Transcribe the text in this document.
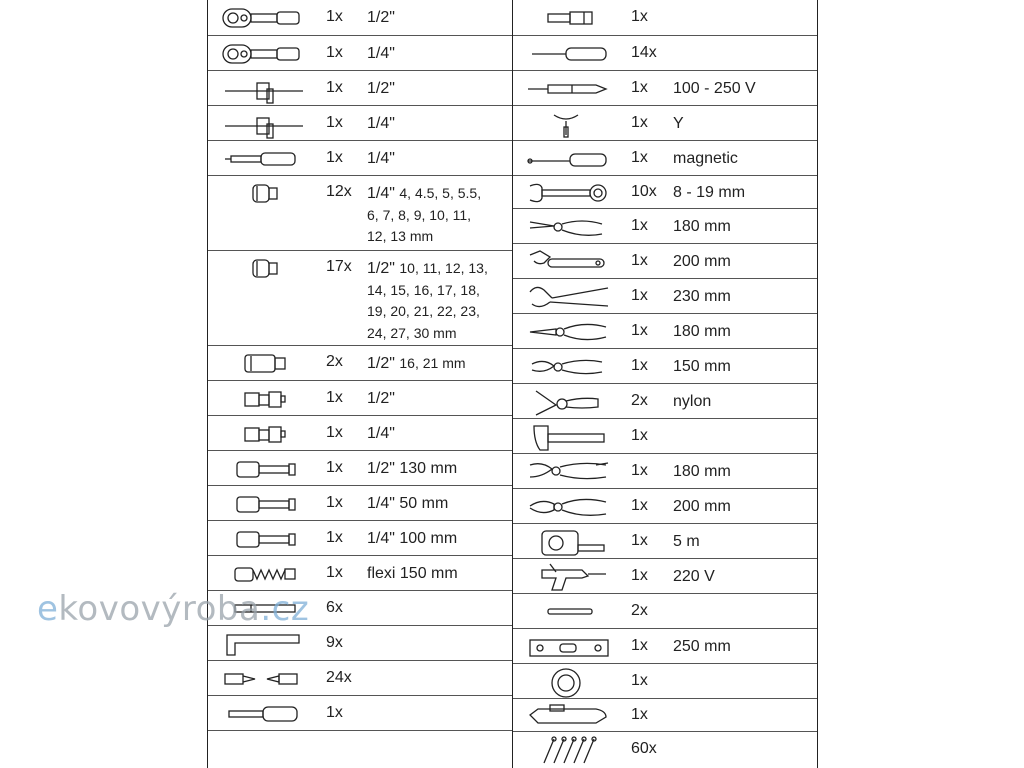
1x 1/2"
1x 1/4"
1x 1/2"
1x 1/4"
1x 1/4"
12x 1/4" 4, 4.5, 5, 5.5,
6, 7, 8, 9, 10, 11,
12, 13 mm
17x 1/2" 10, 11, 12, 13,
14, 15, 16, 17, 18,
19, 20, 21, 22, 23,
24, 27, 30 mm
2x 1/2" 16, 21 mm
1x 1/2"
1x 1/4"
1x 1/2" 130 mm
1x 1/4" 50 mm
1x 1/4" 100 mm
1x flexi 150 mm
6x
9x
24x
1x
1x
14x
1x 100 - 250 V
1x Y
1x magnetic
10x 8 - 19 mm
1x 180 mm
1x 200 mm
1x 230 mm
1x 180 mm
1x 150 mm
2x nylon
1x
1x 180 mm
1x 200 mm
1x 5 m
1x 220 V
2x
1x 250 mm
1x
1x
60x
ekovovýroba.cz
